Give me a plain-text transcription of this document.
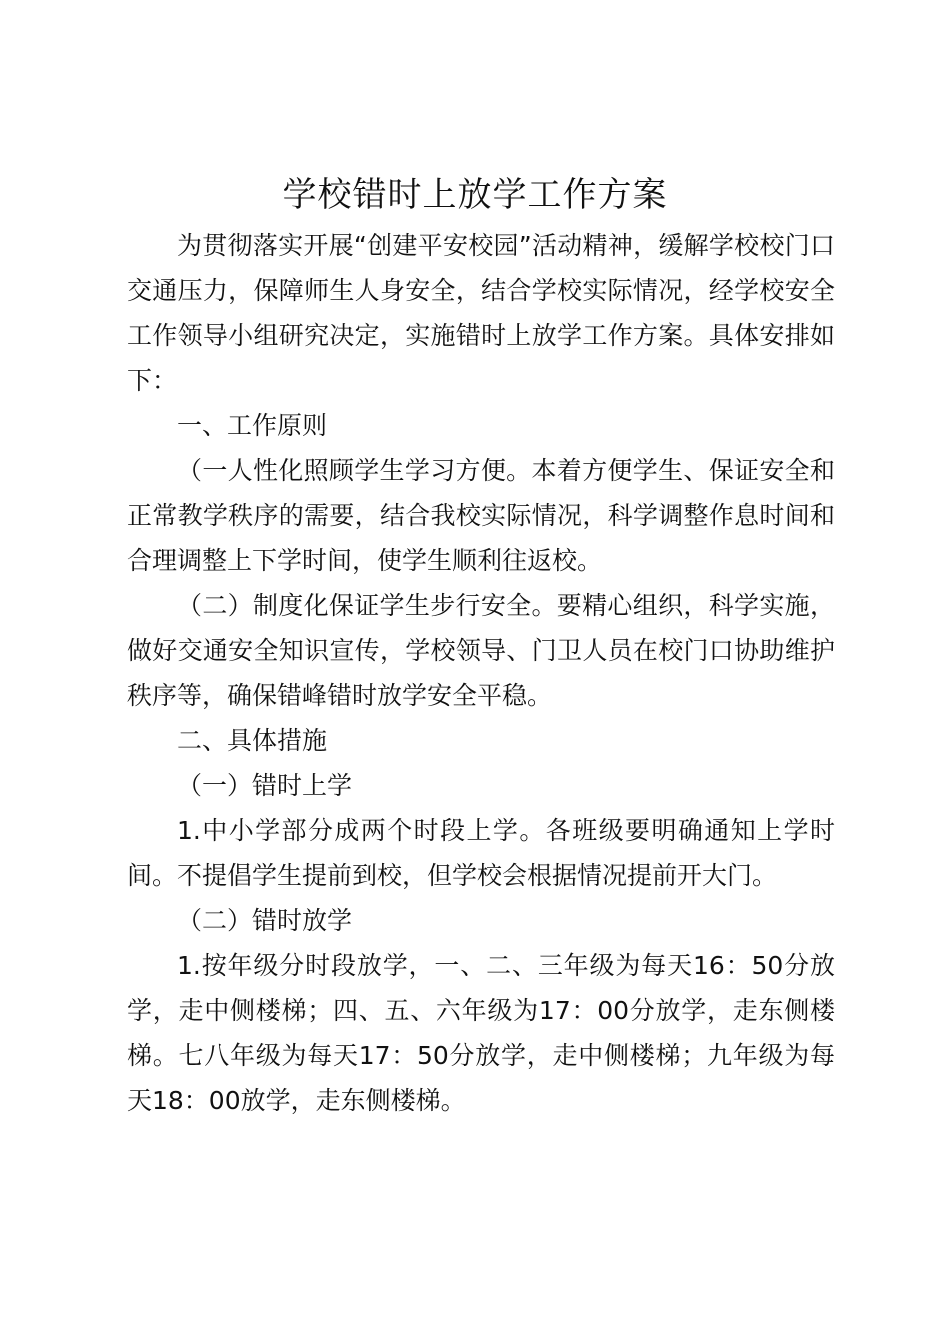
学校错时上放学工作方案

为贯彻落实开展“创建平安校园”活动精神，缓解学校校门口交通压力，保障师生人身安全，结合学校实际情况，经学校安全工作领导小组研究决定，实施错时上放学工作方案。具体安排如下：

一、工作原则

（一人性化照顾学生学习方便。本着方便学生、保证安全和正常教学秩序的需要，结合我校实际情况，科学调整作息时间和合理调整上下学时间，使学生顺利往返校。

（二）制度化保证学生步行安全。要精心组织，科学实施，做好交通安全知识宣传，学校领导、门卫人员在校门口协助维护秩序等，确保错峰错时放学安全平稳。

二、具体措施

（一）错时上学

1.中小学部分成两个时段上学。各班级要明确通知上学时间。不提倡学生提前到校，但学校会根据情况提前开大门。

（二）错时放学

1.按年级分时段放学，一、二、三年级为每天16：50分放学，走中侧楼梯；四、五、六年级为17：00分放学，走东侧楼梯。七八年级为每天17：50分放学，走中侧楼梯；九年级为每天18：00放学，走东侧楼梯。
